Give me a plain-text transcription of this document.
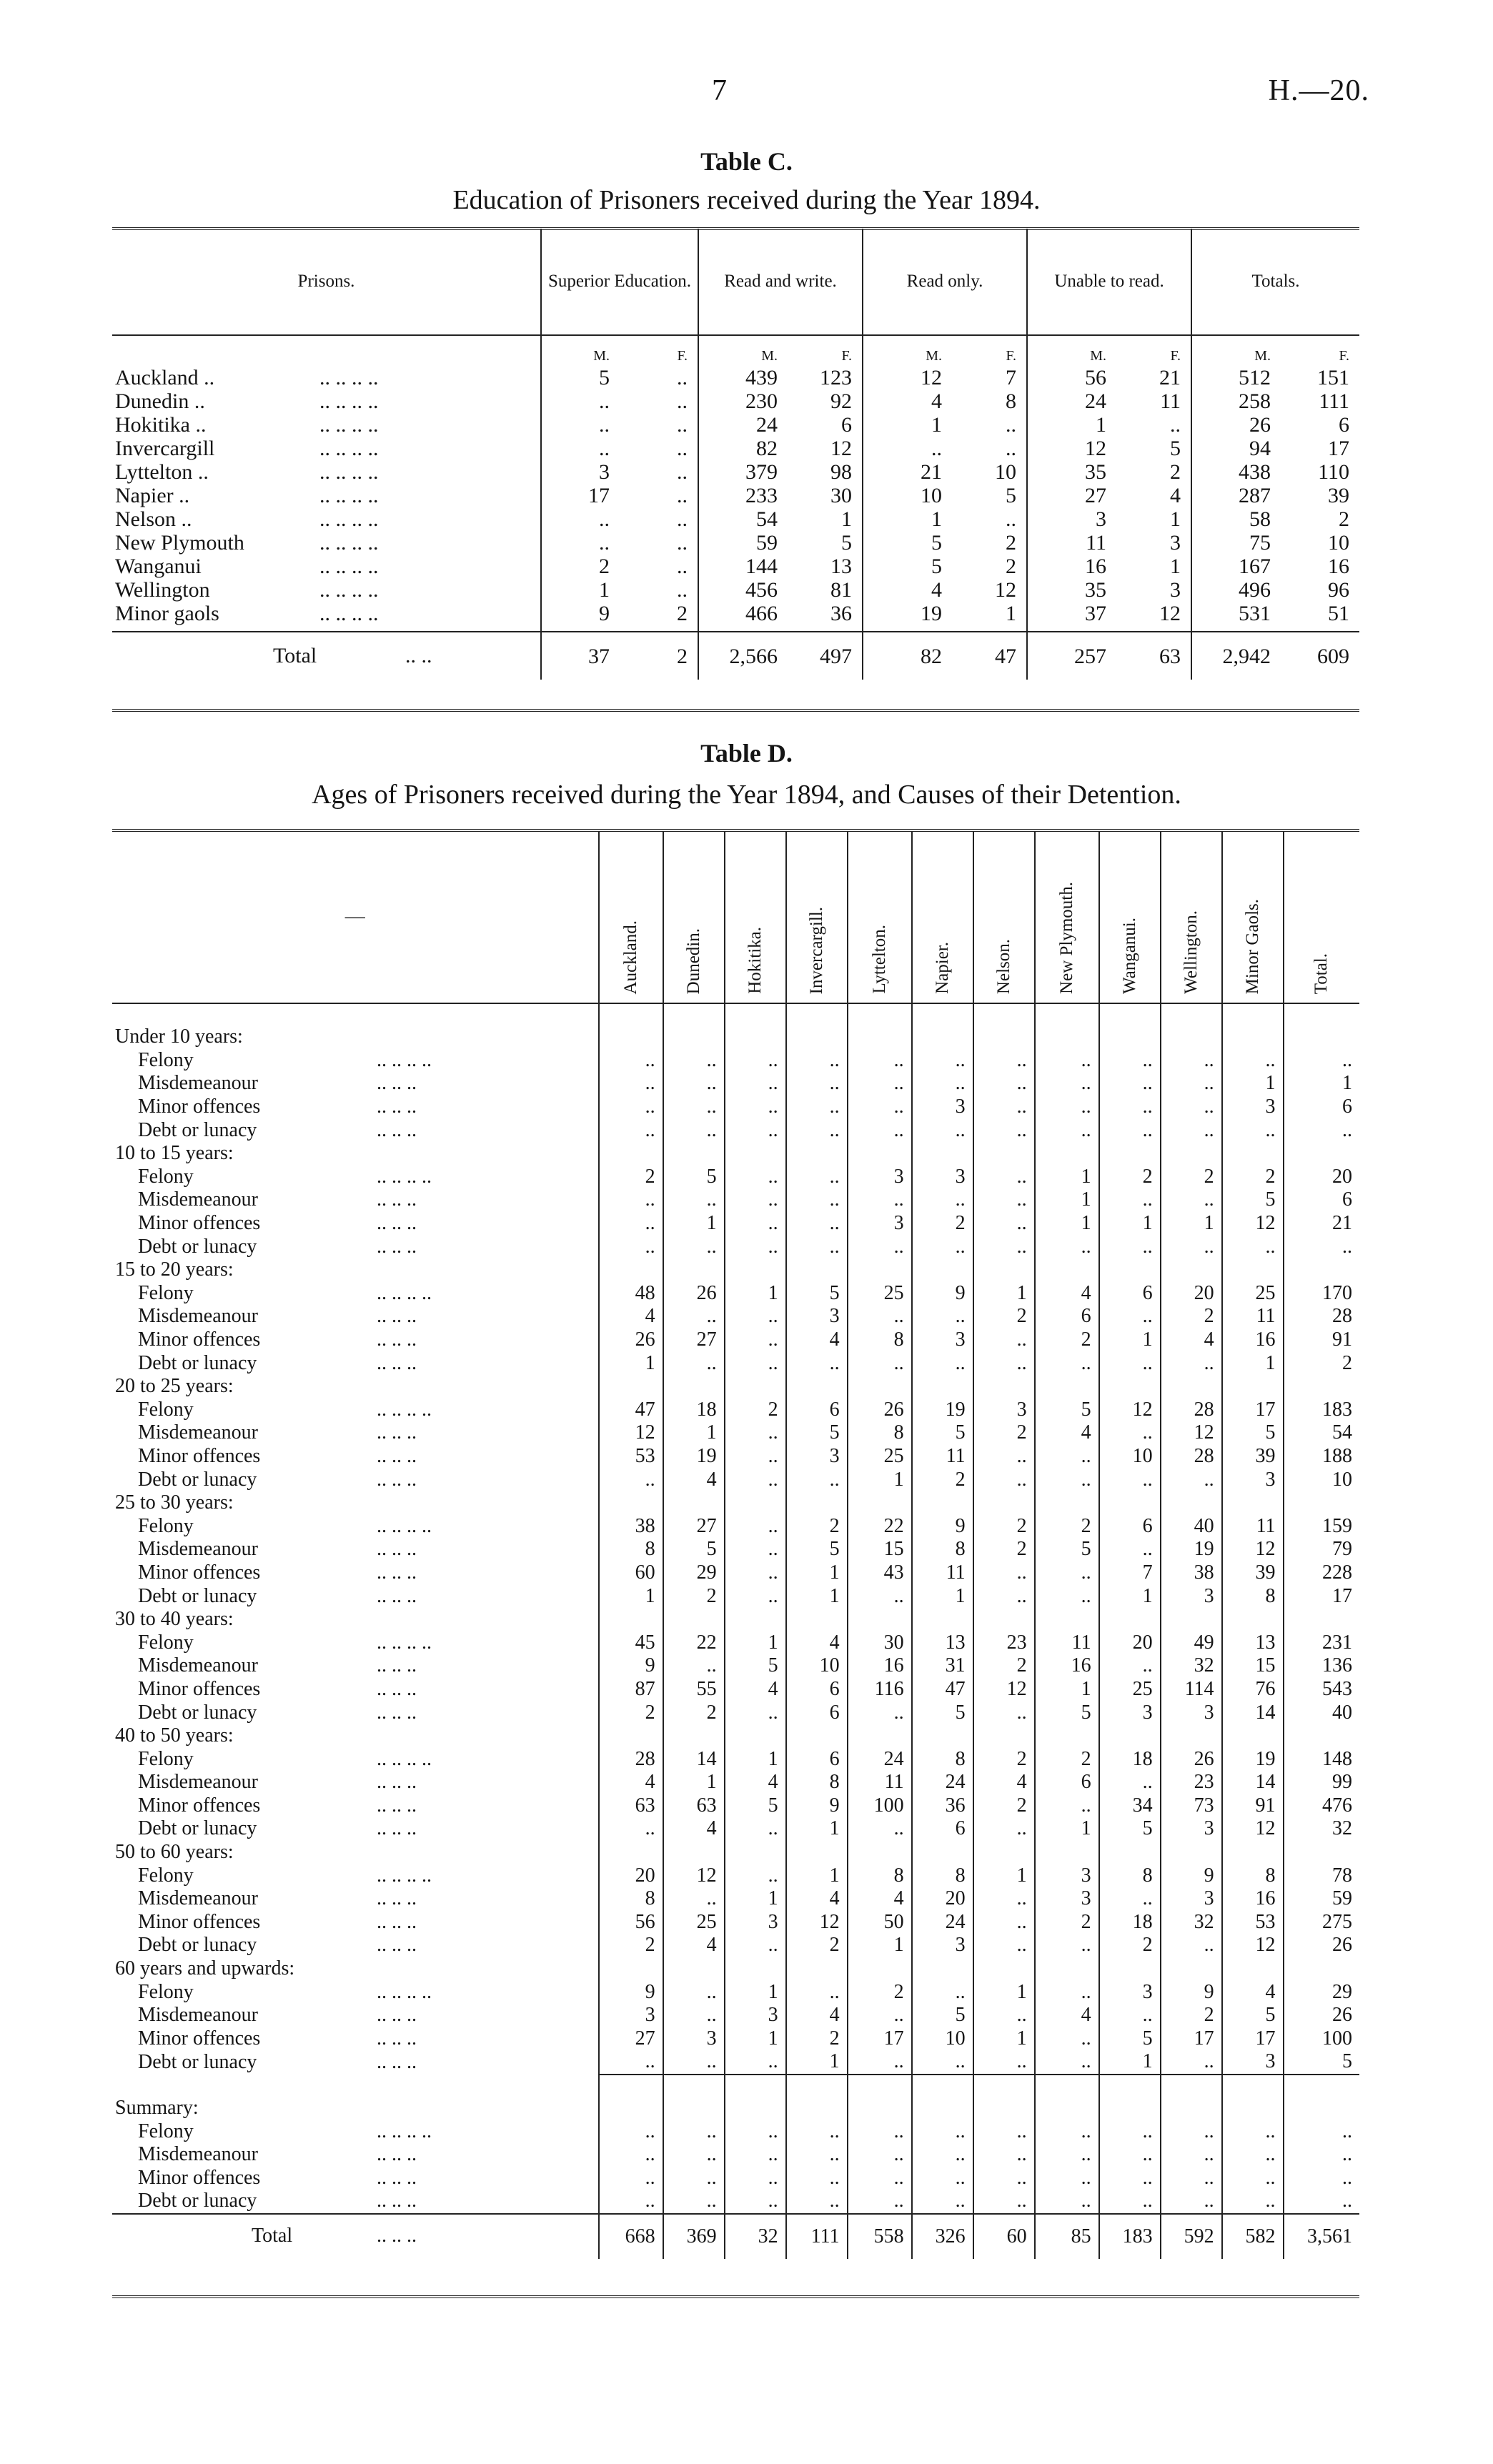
7	H.—20.
Table C.
Education of Prisoners received during the Year 1894.
Prisons.	Superior Education.		Read and write.		Read only.		Unable to read.		Totals.	
	M.	F.	M.	F.	M.	F.	M.	F.	M.	F.
Auckland .. .. .. .. ..	5	..	439	123	12	7	56	21	512	151
Dunedin .. .. .. .. ..	..	..	230	92	4	8	24	11	258	111
Hokitika .. .. .. .. ..	..	..	24	6	1	..	1	..	26	6
Invercargill .. .. .. ..	..	..	82	12	..	..	12	5	94	17
Lyttelton .. .. .. .. ..	3	..	379	98	21	10	35	2	438	110
Napier .. .. .. .. ..	17	..	233	30	10	5	27	4	287	39
Nelson .. .. .. .. ..	..	..	54	1	1	..	3	1	58	2
New Plymouth .. .. .. ..	..	..	59	5	5	2	11	3	75	10
Wanganui .. .. .. ..	2	..	144	13	5	2	16	1	167	16
Wellington .. .. .. ..	1	..	456	81	4	12	35	3	496	96
Minor gaols .. .. .. ..	9	2	466	36	19	1	37	12	531	51

Total .. ..	37	2	2,566	497	82	47	257	63	2,942	609
Table D.
Ages of Prisoners received during the Year 1894, and Causes of their Detention.
—	Auckland.	Dunedin.	Hokitika.	Invercargill.	Lyttelton.	Napier.	Nelson.	New Plymouth.	Wanganui.	Wellington.	Minor Gaols.	Total.

Under 10 years:												
Felony .. .. .. ..	..	..	..	..	..	..	..	..	..	..	..	..
Misdemeanour .. .. ..	..	..	..	..	..	..	..	..	..	..	1	1
Minor offences .. .. ..	..	..	..	..	..	3	..	..	..	..	3	6
Debt or lunacy .. .. ..	..	..	..	..	..	..	..	..	..	..	..	..
10 to 15 years:												
Felony .. .. .. ..	2	5	..	..	3	3	..	1	2	2	2	20
Misdemeanour .. .. ..	..	..	..	..	..	..	..	1	..	..	5	6
Minor offences .. .. ..	..	1	..	..	3	2	..	1	1	1	12	21
Debt or lunacy .. .. ..	..	..	..	..	..	..	..	..	..	..	..	..
15 to 20 years:												
Felony .. .. .. ..	48	26	1	5	25	9	1	4	6	20	25	170
Misdemeanour .. .. ..	4	..	..	3	..	..	2	6	..	2	11	28
Minor offences .. .. ..	26	27	..	4	8	3	..	2	1	4	16	91
Debt or lunacy .. .. ..	1	..	..	..	..	..	..	..	..	..	1	2
20 to 25 years:												
Felony .. .. .. ..	47	18	2	6	26	19	3	5	12	28	17	183
Misdemeanour .. .. ..	12	1	..	5	8	5	2	4	..	12	5	54
Minor offences .. .. ..	53	19	..	3	25	11	..	..	10	28	39	188
Debt or lunacy .. .. ..	..	4	..	..	1	2	..	..	..	..	3	10
25 to 30 years:												
Felony .. .. .. ..	38	27	..	2	22	9	2	2	6	40	11	159
Misdemeanour .. .. ..	8	5	..	5	15	8	2	5	..	19	12	79
Minor offences .. .. ..	60	29	..	1	43	11	..	..	7	38	39	228
Debt or lunacy .. .. ..	1	2	..	1	..	1	..	..	1	3	8	17
30 to 40 years:												
Felony .. .. .. ..	45	22	1	4	30	13	23	11	20	49	13	231
Misdemeanour .. .. ..	9	..	5	10	16	31	2	16	..	32	15	136
Minor offences .. .. ..	87	55	4	6	116	47	12	1	25	114	76	543
Debt or lunacy .. .. ..	2	2	..	6	..	5	..	5	3	3	14	40
40 to 50 years:												
Felony .. .. .. ..	28	14	1	6	24	8	2	2	18	26	19	148
Misdemeanour .. .. ..	4	1	4	8	11	24	4	6	..	23	14	99
Minor offences .. .. ..	63	63	5	9	100	36	2	..	34	73	91	476
Debt or lunacy .. .. ..	..	4	..	1	..	6	..	1	5	3	12	32
50 to 60 years:												
Felony .. .. .. ..	20	12	..	1	8	8	1	3	8	9	8	78
Misdemeanour .. .. ..	8	..	1	4	4	20	..	3	..	3	16	59
Minor offences .. .. ..	56	25	3	12	50	24	..	2	18	32	53	275
Debt or lunacy .. .. ..	2	4	..	2	1	3	..	..	2	..	12	26
60 years and upwards:												
Felony .. .. .. ..	9	..	1	..	2	..	1	..	3	9	4	29
Misdemeanour .. .. ..	3	..	3	4	..	5	..	4	..	2	5	26
Minor offences .. .. ..	27	3	1	2	17	10	1	..	5	17	17	100
Debt or lunacy .. .. ..	..	..	..	1	..	..	..	..	1	..	3	5

Summary:												
Felony .. .. .. ..	..	..	..	..	..	..	..	..	..	..	..	..
Misdemeanour .. .. ..	..	..	..	..	..	..	..	..	..	..	..	..
Minor offences .. .. ..	..	..	..	..	..	..	..	..	..	..	..	..
Debt or lunacy .. .. ..	..	..	..	..	..	..	..	..	..	..	..	..

Total .. .. ..	668	369	32	111	558	326	60	85	183	592	582	3,561
